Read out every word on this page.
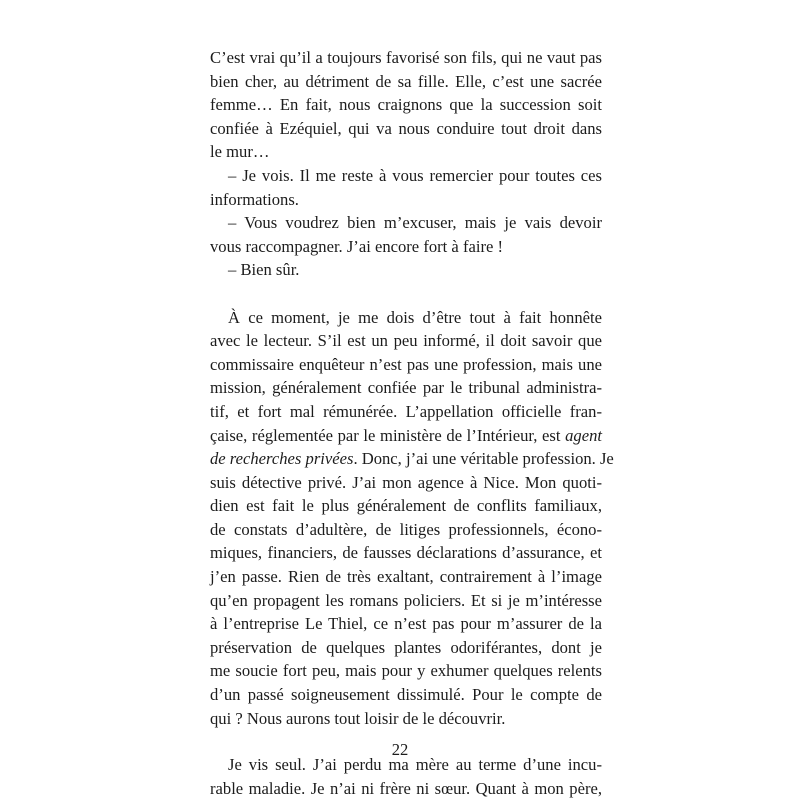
C’est vrai qu’il a toujours favorisé son fils, qui ne vaut pas
bien cher, au détriment de sa fille. Elle, c’est une sacrée
femme… En fait, nous craignons que la succession soit
confiée à Ezéquiel, qui va nous conduire tout droit dans
le mur…
– Je vois. Il me reste à vous remercier pour toutes ces
informations.
– Vous voudrez bien m’excuser, mais je vais devoir
vous raccompagner. J’ai encore fort à faire !
– Bien sûr.
À ce moment, je me dois d’être tout à fait honnête
avec le lecteur. S’il est un peu informé, il doit savoir que
commissaire enquêteur n’est pas une profession, mais une
mission, généralement confiée par le tribunal administra-
tif, et fort mal rémunérée. L’appellation officielle fran-
çaise, réglementée par le ministère de l’Intérieur, est agent
de recherches privées. Donc, j’ai une véritable profession. Je
suis détective privé. J’ai mon agence à Nice. Mon quoti-
dien est fait le plus généralement de conflits familiaux,
de constats d’adultère, de litiges professionnels, écono-
miques, financiers, de fausses déclarations d’assurance, et
j’en passe. Rien de très exaltant, contrairement à l’image
qu’en propagent les romans policiers. Et si je m’intéresse
à l’entreprise Le Thiel, ce n’est pas pour m’assurer de la
préservation de quelques plantes odoriférantes, dont je
me soucie fort peu, mais pour y exhumer quelques relents
d’un passé soigneusement dissimulé. Pour le compte de
qui ? Nous aurons tout loisir de le découvrir.
Je vis seul. J’ai perdu ma mère au terme d’une incu-
rable maladie. Je n’ai ni frère ni sœur. Quant à mon père,
22
